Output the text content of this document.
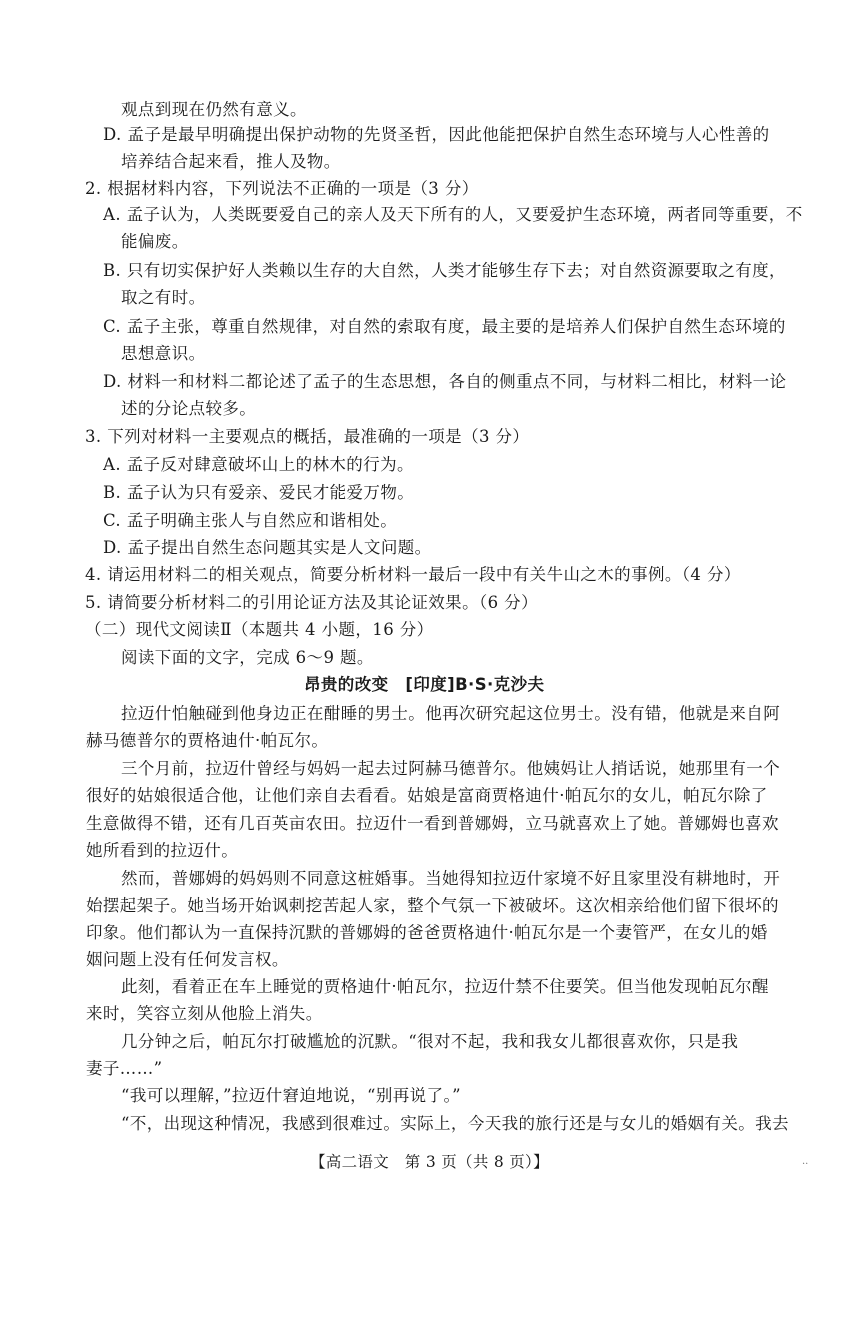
观点到现在仍然有意义。
D. 孟子是最早明确提出保护动物的先贤圣哲，因此他能把保护自然生态环境与人心性善的
培养结合起来看，推人及物。
2. 根据材料内容，下列说法不正确的一项是（3 分）
A. 孟子认为，人类既要爱自己的亲人及天下所有的人，又要爱护生态环境，两者同等重要，不
能偏废。
B. 只有切实保护好人类赖以生存的大自然，人类才能够生存下去；对自然资源要取之有度，
取之有时。
C. 孟子主张，尊重自然规律，对自然的索取有度，最主要的是培养人们保护自然生态环境的
思想意识。
D. 材料一和材料二都论述了孟子的生态思想，各自的侧重点不同，与材料二相比，材料一论
述的分论点较多。
3. 下列对材料一主要观点的概括，最准确的一项是（3 分）
A. 孟子反对肆意破坏山上的林木的行为。
B. 孟子认为只有爱亲、爱民才能爱万物。
C. 孟子明确主张人与自然应和谐相处。
D. 孟子提出自然生态问题其实是人文问题。
4. 请运用材料二的相关观点，简要分析材料一最后一段中有关牛山之木的事例。（4 分）
5. 请简要分析材料二的引用论证方法及其论证效果。（6 分）
（二）现代文阅读Ⅱ（本题共 4 小题，16 分）
阅读下面的文字，完成 6～9 题。
昂贵的改变　[印度]B·S·克沙夫
拉迈什怕触碰到他身边正在酣睡的男士。他再次研究起这位男士。没有错，他就是来自阿
赫马德普尔的贾格迪什·帕瓦尔。
三个月前，拉迈什曾经与妈妈一起去过阿赫马德普尔。他姨妈让人捎话说，她那里有一个
很好的姑娘很适合他，让他们亲自去看看。姑娘是富商贾格迪什·帕瓦尔的女儿，帕瓦尔除了
生意做得不错，还有几百英亩农田。拉迈什一看到普娜姆，立马就喜欢上了她。普娜姆也喜欢
她所看到的拉迈什。
然而，普娜姆的妈妈则不同意这桩婚事。当她得知拉迈什家境不好且家里没有耕地时，开
始摆起架子。她当场开始讽刺挖苦起人家，整个气氛一下被破坏。这次相亲给他们留下很坏的
印象。他们都认为一直保持沉默的普娜姆的爸爸贾格迪什·帕瓦尔是一个妻管严，在女儿的婚
姻问题上没有任何发言权。
此刻，看着正在车上睡觉的贾格迪什·帕瓦尔，拉迈什禁不住要笑。但当他发现帕瓦尔醒
来时，笑容立刻从他脸上消失。
几分钟之后，帕瓦尔打破尴尬的沉默。“很对不起，我和我女儿都很喜欢你，只是我
妻子……”
“我可以理解，”拉迈什窘迫地说，“别再说了。”
“不，出现这种情况，我感到很难过。实际上，今天我的旅行还是与女儿的婚姻有关。我去
【高二语文　第 3 页（共 8 页）】	..
